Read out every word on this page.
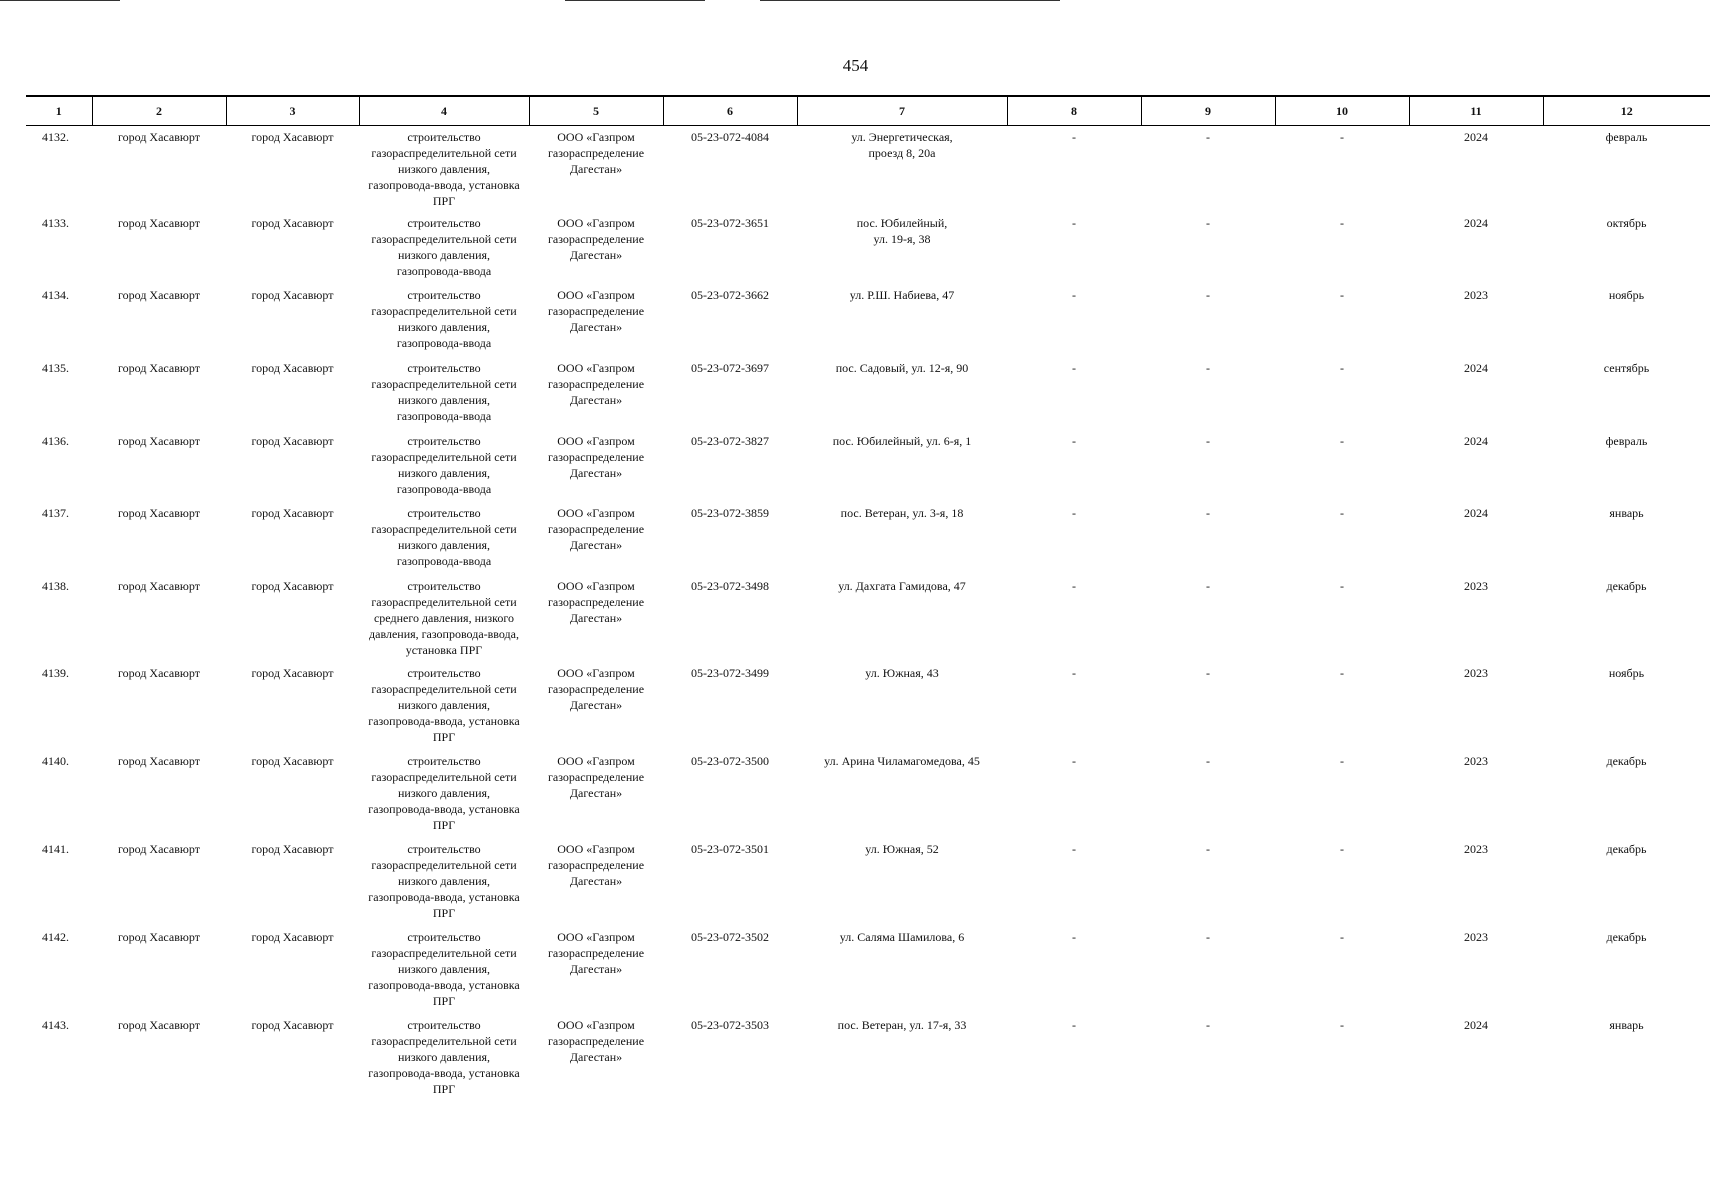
454
1	2	3	4	5	6	7	8	9	10	11	12
4132.	город Хасавюрт	город Хасавюрт	строительство
газораспределительной сети
низкого давления,
газопровода-ввода, установка
ПРГ	ООО «Газпром
газораспределение
Дагестан»	05-23-072-4084	ул. Энергетическая,
проезд 8, 20а	-	-	-	2024	февраль
4133.	город Хасавюрт	город Хасавюрт	строительство
газораспределительной сети
низкого давления,
газопровода-ввода	ООО «Газпром
газораспределение
Дагестан»	05-23-072-3651	пос. Юбилейный,
ул. 19-я, 38	-	-	-	2024	октябрь
4134.	город Хасавюрт	город Хасавюрт	строительство
газораспределительной сети
низкого давления,
газопровода-ввода	ООО «Газпром
газораспределение
Дагестан»	05-23-072-3662	ул. Р.Ш. Набиева, 47	-	-	-	2023	ноябрь
4135.	город Хасавюрт	город Хасавюрт	строительство
газораспределительной сети
низкого давления,
газопровода-ввода	ООО «Газпром
газораспределение
Дагестан»	05-23-072-3697	пос. Садовый, ул. 12-я, 90	-	-	-	2024	сентябрь
4136.	город Хасавюрт	город Хасавюрт	строительство
газораспределительной сети
низкого давления,
газопровода-ввода	ООО «Газпром
газораспределение
Дагестан»	05-23-072-3827	пос. Юбилейный, ул. 6-я, 1	-	-	-	2024	февраль
4137.	город Хасавюрт	город Хасавюрт	строительство
газораспределительной сети
низкого давления,
газопровода-ввода	ООО «Газпром
газораспределение
Дагестан»	05-23-072-3859	пос. Ветеран, ул. 3-я, 18	-	-	-	2024	январь
4138.	город Хасавюрт	город Хасавюрт	строительство
газораспределительной сети
среднего давления, низкого
давления, газопровода-ввода,
установка ПРГ	ООО «Газпром
газораспределение
Дагестан»	05-23-072-3498	ул. Дахгата Гамидова, 47	-	-	-	2023	декабрь
4139.	город Хасавюрт	город Хасавюрт	строительство
газораспределительной сети
низкого давления,
газопровода-ввода, установка
ПРГ	ООО «Газпром
газораспределение
Дагестан»	05-23-072-3499	ул. Южная, 43	-	-	-	2023	ноябрь
4140.	город Хасавюрт	город Хасавюрт	строительство
газораспределительной сети
низкого давления,
газопровода-ввода, установка
ПРГ	ООО «Газпром
газораспределение
Дагестан»	05-23-072-3500	ул. Арина Чиламагомедова, 45	-	-	-	2023	декабрь
4141.	город Хасавюрт	город Хасавюрт	строительство
газораспределительной сети
низкого давления,
газопровода-ввода, установка
ПРГ	ООО «Газпром
газораспределение
Дагестан»	05-23-072-3501	ул. Южная, 52	-	-	-	2023	декабрь
4142.	город Хасавюрт	город Хасавюрт	строительство
газораспределительной сети
низкого давления,
газопровода-ввода, установка
ПРГ	ООО «Газпром
газораспределение
Дагестан»	05-23-072-3502	ул. Саляма Шамилова, 6	-	-	-	2023	декабрь
4143.	город Хасавюрт	город Хасавюрт	строительство
газораспределительной сети
низкого давления,
газопровода-ввода, установка
ПРГ	ООО «Газпром
газораспределение
Дагестан»	05-23-072-3503	пос. Ветеран, ул. 17-я, 33	-	-	-	2024	январь
